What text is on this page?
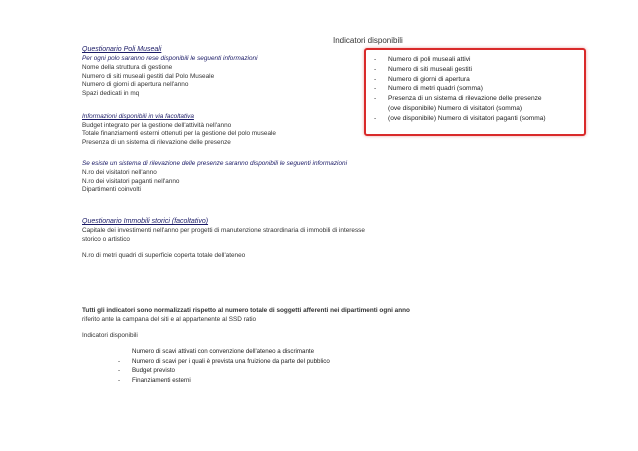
Indicatori disponibili
-	Numero di poli museali attivi
-	Numero di siti museali gestiti
-	Numero di giorni di apertura
-	Numero di metri quadri (somma)
-	Presenza di un sistema di rilevazione delle presenze
(ove disponibile) Numero di visitatori (somma)
-	(ove disponibile) Numero di visitatori paganti (somma)
Questionario Poli Museali
Per ogni polo saranno rese disponibili le seguenti informazioni
Nome della struttura di gestione
Numero di siti museali gestiti dal Polo Museale
Numero di giorni di apertura nell'anno
Spazi dedicati in mq
Informazioni disponibili in via facoltativa
Budget integrato per la gestione dell'attività nell'anno
Totale finanziamenti esterni ottenuti per la gestione del polo museale
Presenza di un sistema di rilevazione delle presenze
Se esiste un sistema di rilevazione delle presenze saranno disponibili le seguenti informazioni
N.ro dei visitatori nell'anno
N.ro dei visitatori paganti nell'anno
Dipartimenti coinvolti
Questionario Immobili storici (facoltativo)
Capitale dei investimenti nell'anno per progetti di manutenzione straordinaria di immobili di interesse
storico o artistico
N.ro di metri quadri di superficie coperta totale dell'ateneo
Tutti gli indicatori sono normalizzati rispetto al numero totale di soggetti afferenti nei dipartimenti ogni anno
riferito ante la campana del siti e al appartenente al SSD ratio
Indicatori disponibili
Numero di scavi attivati con convenzione dell'ateneo a discrimante
-	Numero di scavi per i quali è prevista una fruizione da parte del pubblico
-	Budget previsto
-	Finanziamenti esterni
